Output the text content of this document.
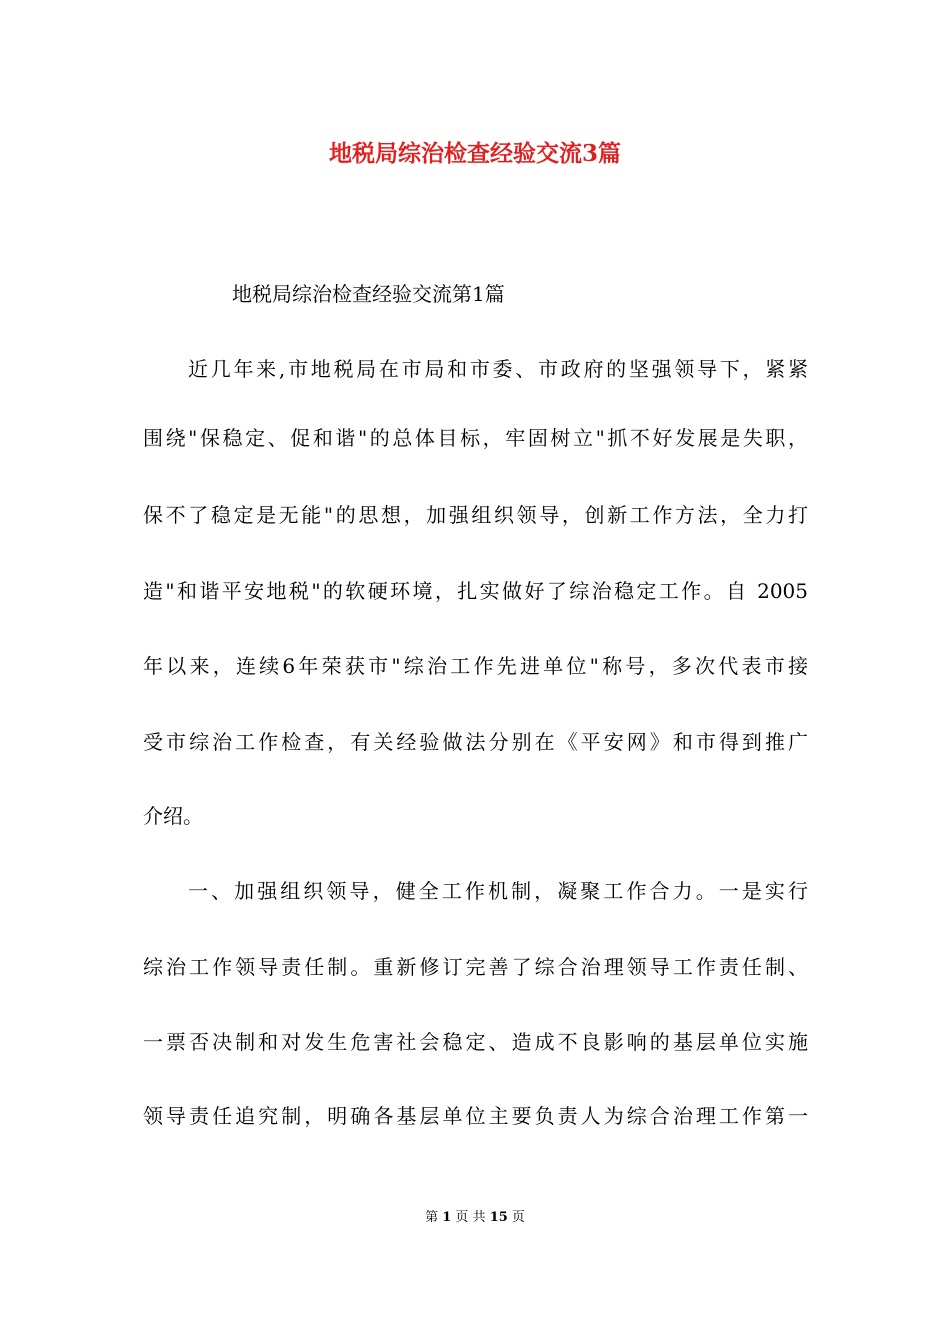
地税局综治检查经验交流3篇

地税局综治检查经验交流第1篇

近几年来,市地税局在市局和市委、市政府的坚强领导下，紧紧

围绕"保稳定、促和谐"的总体目标，牢固树立"抓不好发展是失职，

保不了稳定是无能"的思想，加强组织领导，创新工作方法，全力打

造"和谐平安地税"的软硬环境，扎实做好了综治稳定工作。自 2005

年以来，连续6年荣获市"综治工作先进单位"称号，多次代表市接

受市综治工作检查，有关经验做法分别在《平安网》和市得到推广

介绍。

一、加强组织领导，健全工作机制，凝聚工作合力。一是实行

综治工作领导责任制。重新修订完善了综合治理领导工作责任制、

一票否决制和对发生危害社会稳定、造成不良影响的基层单位实施

领导责任追究制，明确各基层单位主要负责人为综合治理工作第一

第 1 页 共 15 页
